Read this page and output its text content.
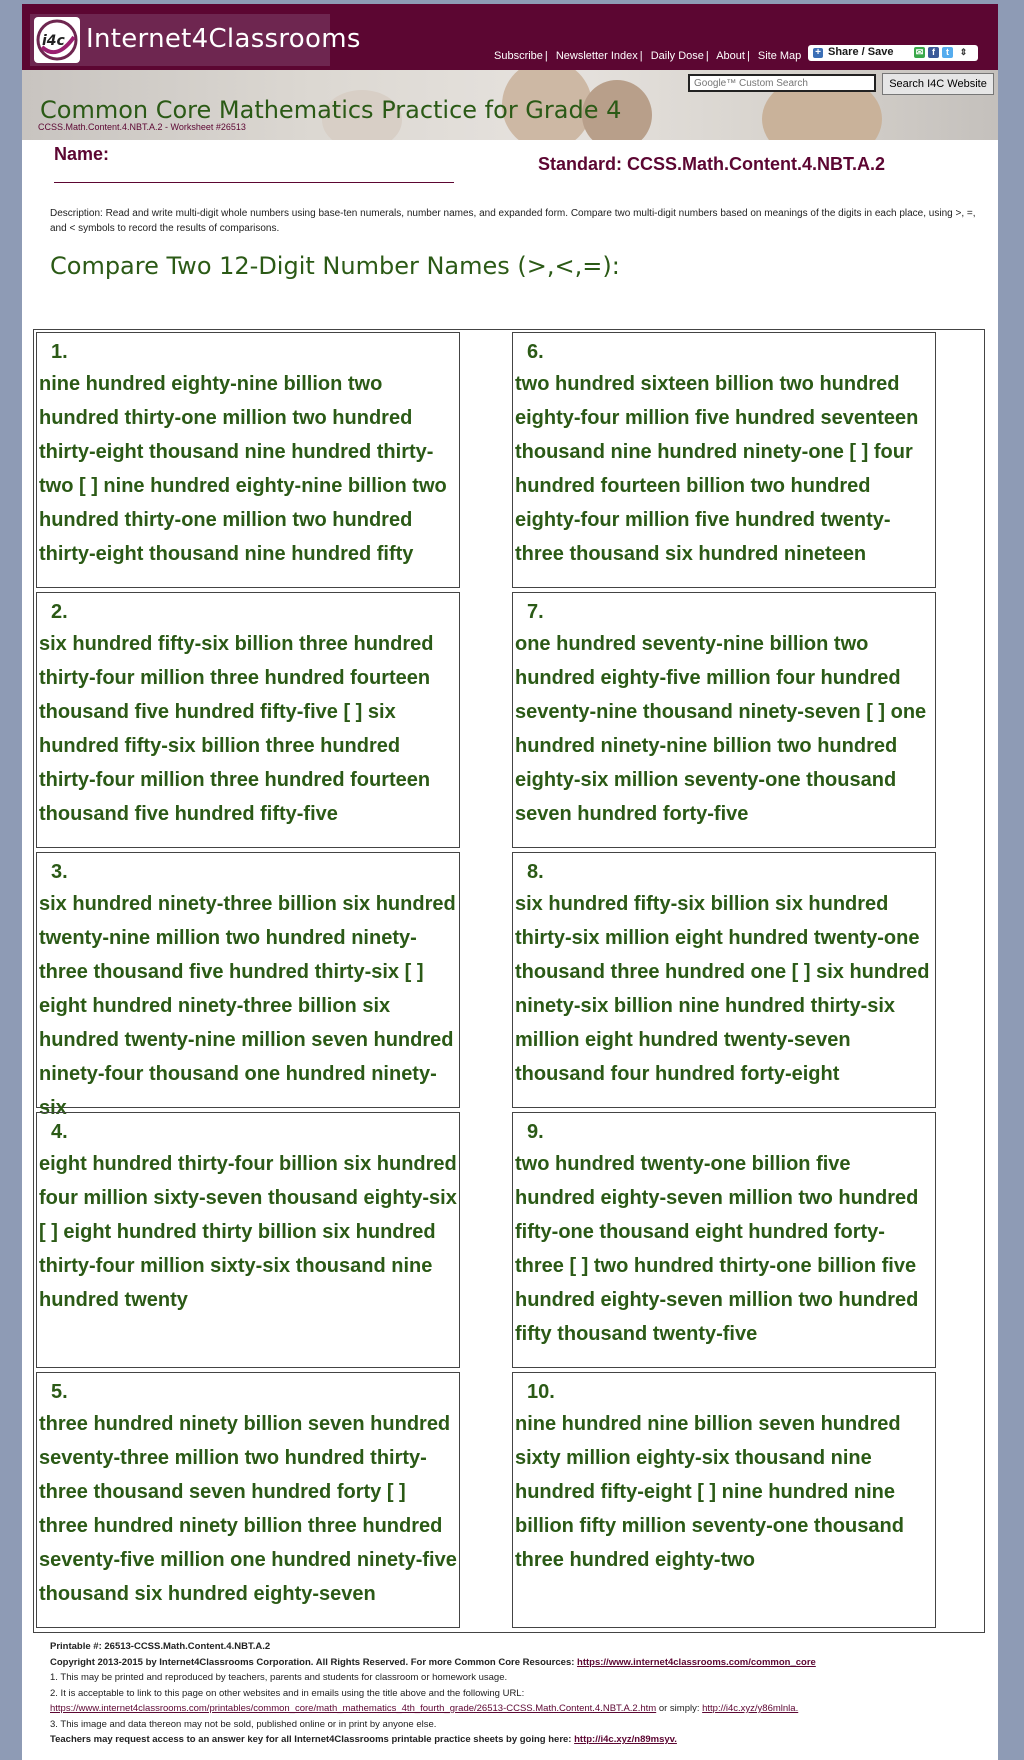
i4c Internet4Classrooms
Subscribe | Newsletter Index | Daily Dose | About | Site Map + Share / Save ✉ f	t	⇕
Common Core Mathematics Practice for Grade 4
Google™ Custom Search
Search I4C Website
CCSS.Math.Content.4.NBT.A.2 - Worksheet #26513
Name:	Standard: CCSS.Math.Content.4.NBT.A.2
Description: Read and write multi-digit whole numbers using base-ten numerals, number names, and expanded form. Compare two multi-digit numbers based on meanings of the digits in each place, using >, =, and < symbols to record the results of comparisons.
Compare Two 12-Digit Number Names (>,<,=):
1.
nine hundred eighty-nine billion two hundred thirty-one million two hundred thirty-eight thousand nine hundred thirty-two [ ] nine hundred eighty-nine billion two hundred thirty-one million two hundred thirty-eight thousand nine hundred fifty
2.
six hundred fifty-six billion three hundred thirty-four million three hundred fourteen thousand five hundred fifty-five [ ] six hundred fifty-six billion three hundred thirty-four million three hundred fourteen thousand five hundred fifty-five
3.
six hundred ninety-three billion six hundred twenty-nine million two hundred ninety-three thousand five hundred thirty-six [ ] eight hundred ninety-three billion six hundred twenty-nine million seven hundred ninety-four thousand one hundred ninety-six
4.
eight hundred thirty-four billion six hundred four million sixty-seven thousand eighty-six [ ] eight hundred thirty billion six hundred thirty-four million sixty-six thousand nine hundred twenty
5.
three hundred ninety billion seven hundred seventy-three million two hundred thirty-three thousand seven hundred forty [ ] three hundred ninety billion three hundred seventy-five million one hundred ninety-five thousand six hundred eighty-seven
6.
two hundred sixteen billion two hundred eighty-four million five hundred seventeen thousand nine hundred ninety-one [ ] four hundred fourteen billion two hundred eighty-four million five hundred twenty-three thousand six hundred nineteen
7.
one hundred seventy-nine billion two hundred eighty-five million four hundred seventy-nine thousand ninety-seven [ ] one hundred ninety-nine billion two hundred eighty-six million seventy-one thousand seven hundred forty-five
8.
six hundred fifty-six billion six hundred thirty-six million eight hundred twenty-one thousand three hundred one [ ] six hundred ninety-six billion nine hundred thirty-six million eight hundred twenty-seven thousand four hundred forty-eight
9.
two hundred twenty-one billion five hundred eighty-seven million two hundred fifty-one thousand eight hundred forty-three [ ] two hundred thirty-one billion five hundred eighty-seven million two hundred fifty thousand twenty-five
10.
nine hundred nine billion seven hundred sixty million eighty-six thousand nine hundred fifty-eight [ ] nine hundred nine billion fifty million seventy-one thousand three hundred eighty-two
Printable #: 26513-CCSS.Math.Content.4.NBT.A.2
Copyright 2013-2015 by Internet4Classrooms Corporation. All Rights Reserved. For more Common Core Resources: https://www.internet4classrooms.com/common_core
1. This may be printed and reproduced by teachers, parents and students for classroom or homework usage.
2. It is acceptable to link to this page on other websites and in emails using the title above and the following URL:
https://www.internet4classrooms.com/printables/common_core/math_mathematics_4th_fourth_grade/26513-CCSS.Math.Content.4.NBT.A.2.htm or simply: http://i4c.xyz/y86mlnla.
3. This image and data thereon may not be sold, published online or in print by anyone else.
Teachers may request access to an answer key for all Internet4Classrooms printable practice sheets by going here: http://i4c.xyz/n89msyv.
